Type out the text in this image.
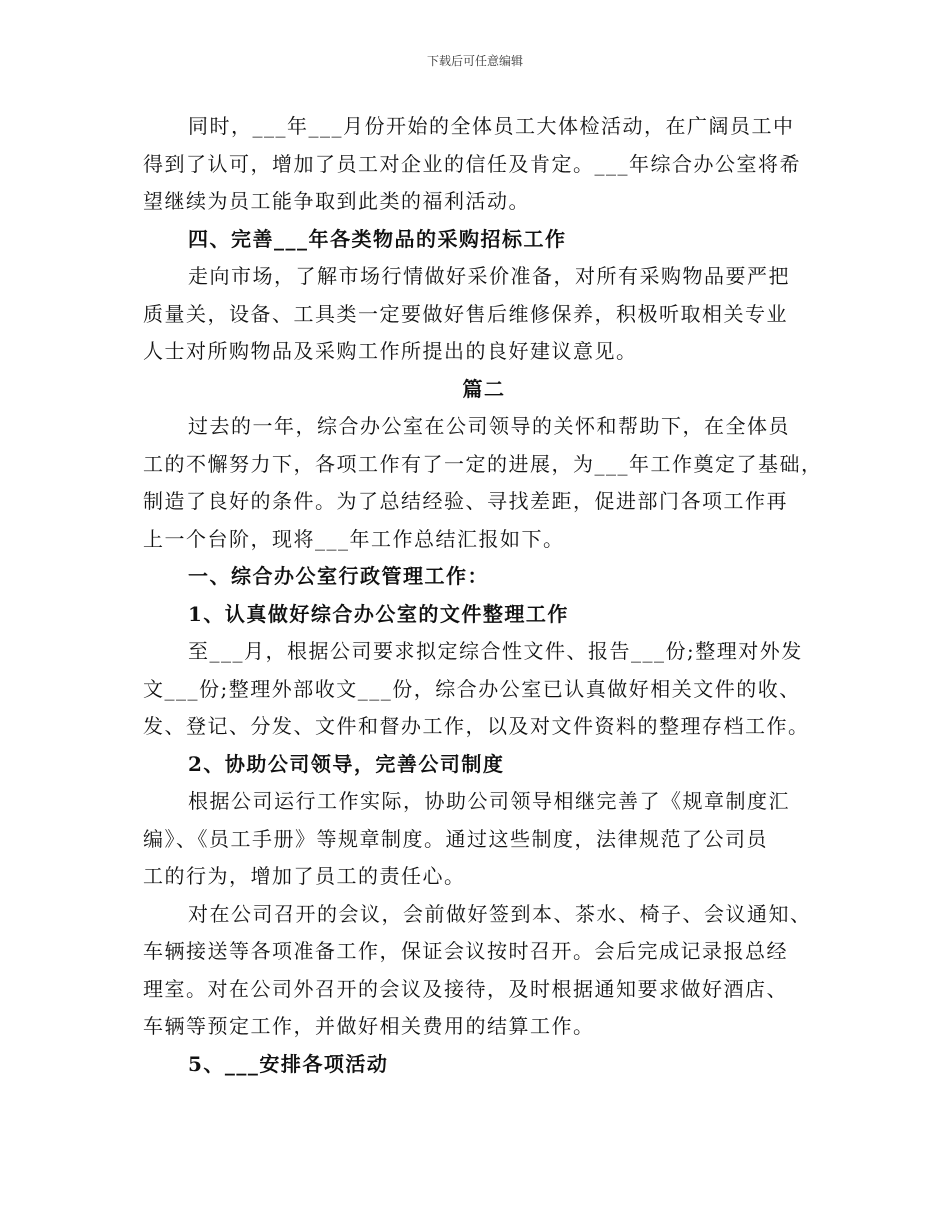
下载后可任意编辑
同时，___年___月份开始的全体员工大体检活动，在广阔员工中
得到了认可，增加了员工对企业的信任及肯定。___年综合办公室将希
望继续为员工能争取到此类的福利活动。
四、完善___年各类物品的采购招标工作
走向市场，了解市场行情做好采价准备，对所有采购物品要严把
质量关，设备、工具类一定要做好售后维修保养，积极听取相关专业
人士对所购物品及采购工作所提出的良好建议意见。
篇二
过去的一年，综合办公室在公司领导的关怀和帮助下，在全体员
工的不懈努力下，各项工作有了一定的进展，为___年工作奠定了基础，
制造了良好的条件。为了总结经验、寻找差距，促进部门各项工作再
上一个台阶，现将___年工作总结汇报如下。
一、综合办公室行政管理工作：
1、认真做好综合办公室的文件整理工作
至___月，根据公司要求拟定综合性文件、报告___份;整理对外发
文___份;整理外部收文___份，综合办公室已认真做好相关文件的收、
发、登记、分发、文件和督办工作，以及对文件资料的整理存档工作。
2、协助公司领导，完善公司制度
根据公司运行工作实际，协助公司领导相继完善了《规章制度汇
编》、《员工手册》等规章制度。通过这些制度，法律规范了公司员
工的行为，增加了员工的责任心。
对在公司召开的会议，会前做好签到本、茶水、椅子、会议通知、
车辆接送等各项准备工作，保证会议按时召开。会后完成记录报总经
理室。对在公司外召开的会议及接待，及时根据通知要求做好酒店、
车辆等预定工作，并做好相关费用的结算工作。
5、___安排各项活动
